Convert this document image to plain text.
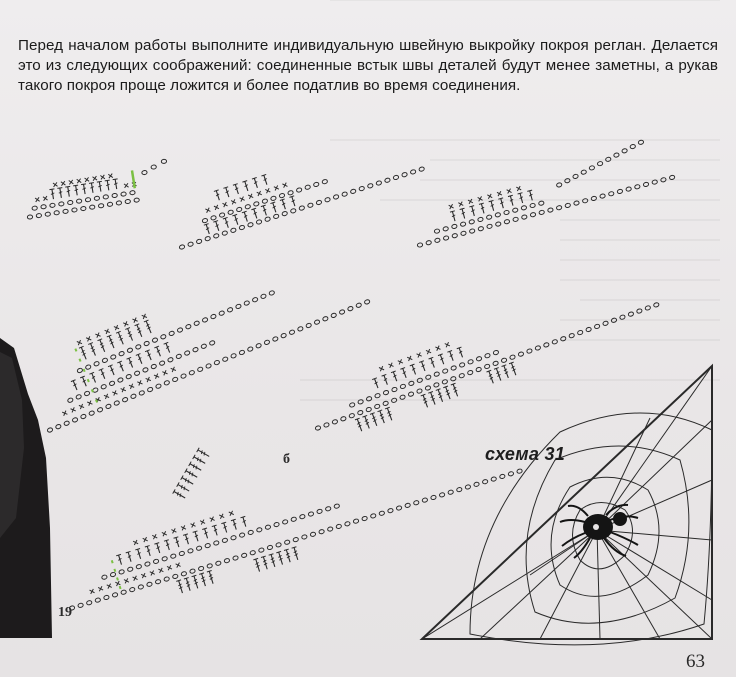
Перед началом работы выполните индивидуальную швейную выкройку покроя реглан. Делается это из следующих соображений: соединенные встык швы деталей будут менее заметны, а рукав такого покроя проще ложится и более податлив во время соединения.

б
19
схема 31
63
